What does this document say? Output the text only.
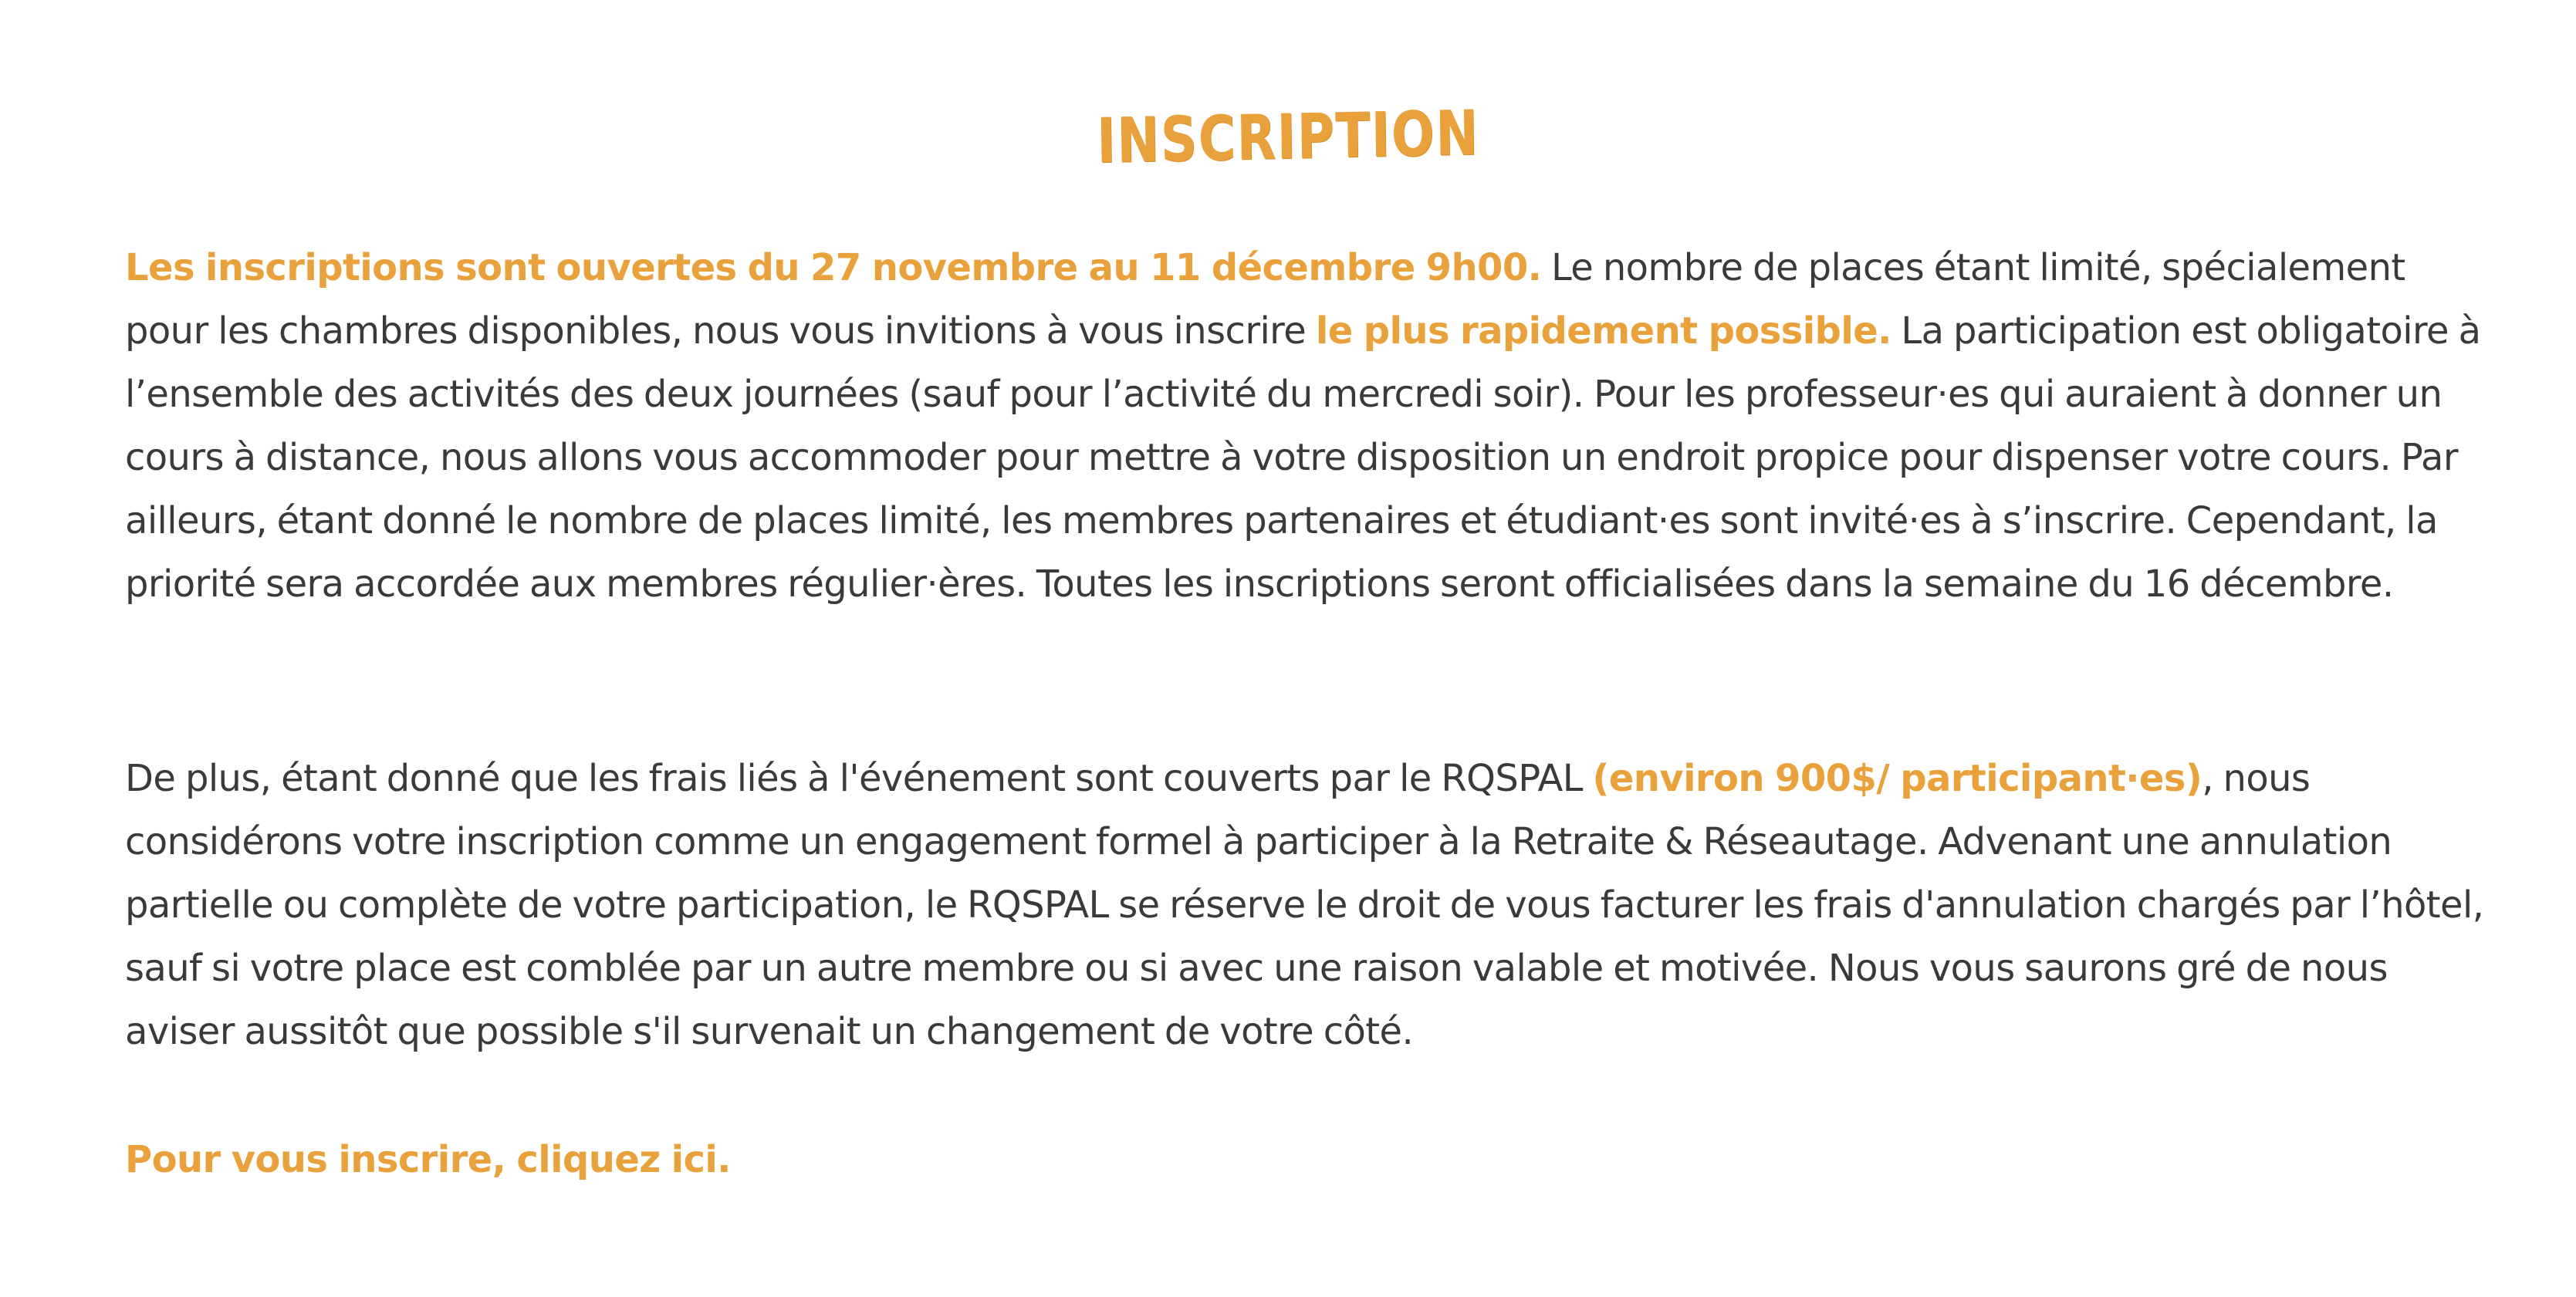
INSCRIPTION

Les inscriptions sont ouvertes du 27 novembre au 11 décembre 9h00. Le nombre de places étant limité, spécialement pour les chambres disponibles, nous vous invitions à vous inscrire le plus rapidement possible. La participation est obligatoire à l’ensemble des activités des deux journées (sauf pour l’activité du mercredi soir). Pour les professeur·es qui auraient à donner un cours à distance, nous allons vous accommoder pour mettre à votre disposition un endroit propice pour dispenser votre cours. Par ailleurs, étant donné le nombre de places limité, les membres partenaires et étudiant·es sont invité·es à s’inscrire. Cependant, la priorité sera accordée aux membres régulier·ères. Toutes les inscriptions seront officialisées dans la semaine du 16 décembre.

De plus, étant donné que les frais liés à l'événement sont couverts par le RQSPAL (environ 900$/ participant·es), nous considérons votre inscription comme un engagement formel à participer à la Retraite & Réseautage. Advenant une annulation partielle ou complète de votre participation, le RQSPAL se réserve le droit de vous facturer les frais d'annulation chargés par l’hôtel, sauf si votre place est comblée par un autre membre ou si avec une raison valable et motivée. Nous vous saurons gré de nous aviser aussitôt que possible s'il survenait un changement de votre côté.

Pour vous inscrire, cliquez ici.
